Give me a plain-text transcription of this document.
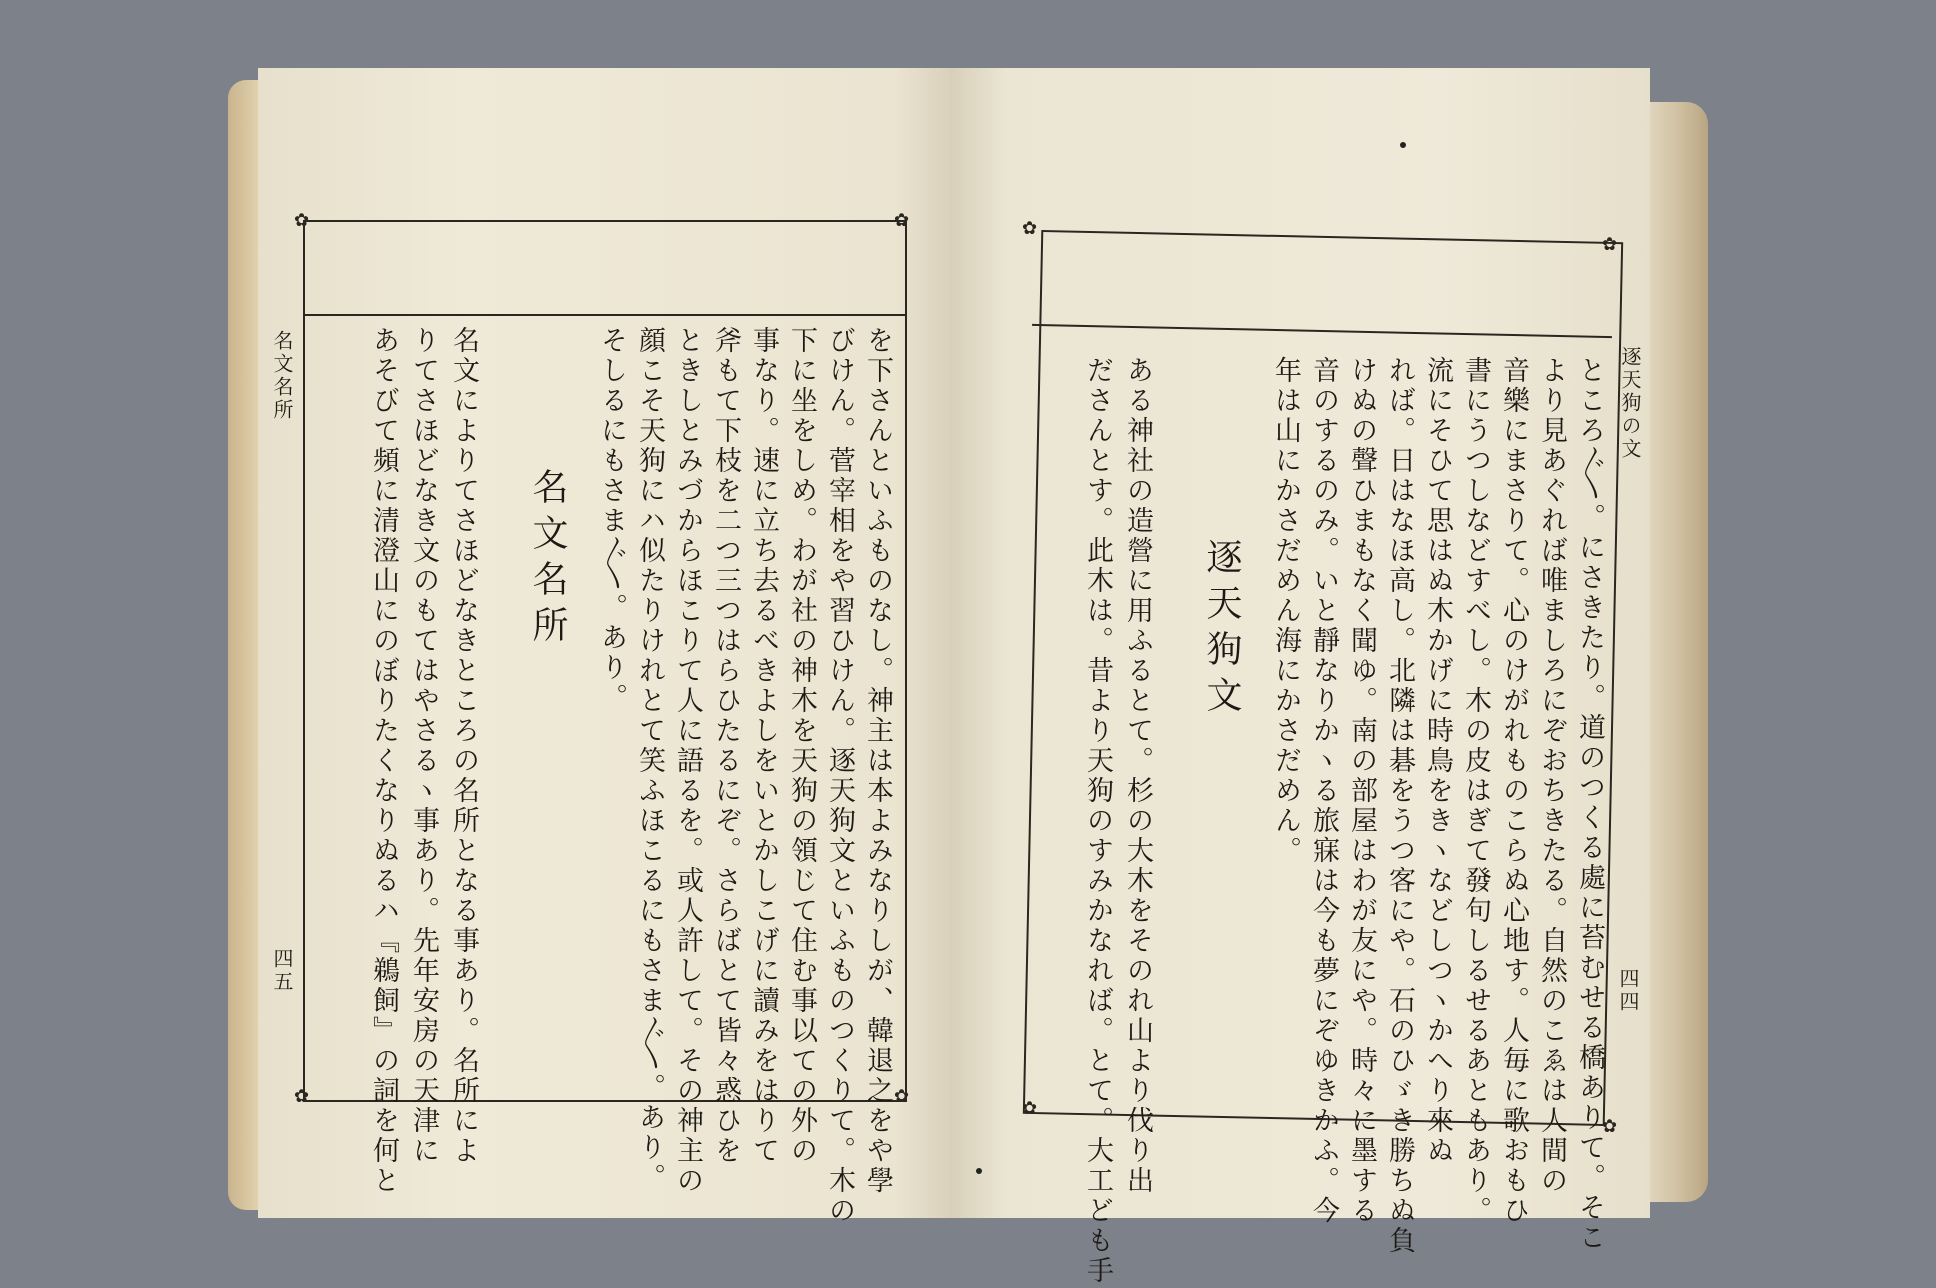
✿	✿
✿	✿
名文名所
四五	を下さんといふものなし。神主は本よみなりしが、韓退之をや學
びけん。菅宰相をや習ひけん。逐天狗文といふものつくりて。木の
下に坐をしめ。わが社の神木を天狗の領じて住む事以ての外の
事なり。速に立ち去るべきよしをいとかしこげに讀みをはりて
斧もて下枝を二つ三つはらひたるにぞ。さらばとて皆々惑ひを
ときしとみづからほこりて人に語るを。或人許して。その神主の
顔こそ天狗にハ似たりけれとて笑ふほこるにもさま〲。あり。
そしるにもさま〲。あり。
名文名所
名文によりてさほどなきところの名所となる事あり。名所によ
りてさほどなき文のもてはやさるヽ事あり。先年安房の天津に
あそびて頻に清澄山にのぼりたくなりぬるハ『鵜飼』の詞を何と
✿
✿
✿
✿
逐天狗の文
四四
ところ〲。にさきたり。道のつくる處に苔むせる橋ありて。そこ
より見あぐれば唯ましろにぞおちきたる。自然のこゑは人間の
音樂にまさりて。心のけがれものこらぬ心地す。人毎に歌おもひ
書にうつしなどすべし。木の皮はぎて發句しるせるあともあり。
流にそひて思はぬ木かげに時鳥をきヽなどしつヽかへり來ぬ
れば。日はなほ高し。北隣は碁をうつ客にや。石のひゞき勝ちぬ負
けぬの聲ひまもなく聞ゆ。南の部屋はわが友にや。時々に墨する
音のするのみ。いと靜なりかヽる旅寐は今も夢にぞゆきかふ。今
年は山にかさだめん海にかさだめん。
逐天狗文
ある神社の造營に用ふるとて。杉の大木をそのれ山より伐り出
ださんとす。此木は。昔より天狗のすみかなれば。とて。大工ども手
